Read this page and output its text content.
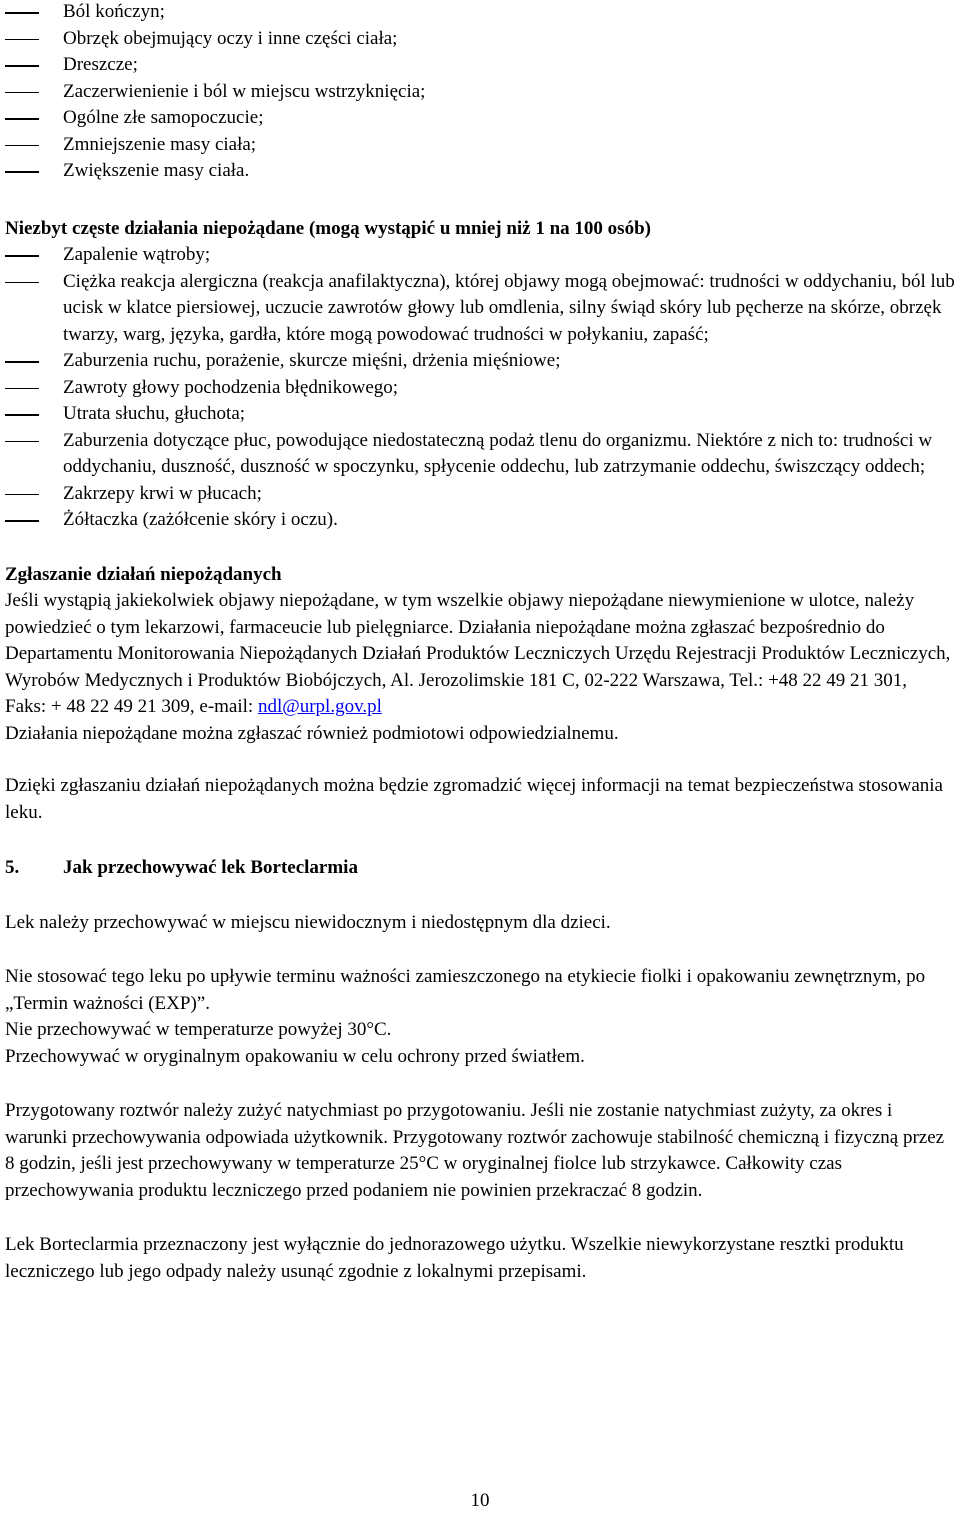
Ból kończyn;
Obrzęk obejmujący oczy i inne części ciała;
Dreszcze;
Zaczerwienienie i ból w miejscu wstrzyknięcia;
Ogólne złe samopoczucie;
Zmniejszenie masy ciała;
Zwiększenie masy ciała.
Niezbyt częste działania niepożądane (mogą wystąpić u mniej niż 1 na 100 osób)
Zapalenie wątroby;
Ciężka reakcja alergiczna (reakcja anafilaktyczna), której objawy mogą obejmować: trudności w oddychaniu, ból lub ucisk w klatce piersiowej, uczucie zawrotów głowy lub omdlenia, silny świąd skóry lub pęcherze na skórze, obrzęk twarzy, warg, języka, gardła, które mogą powodować trudności w połykaniu, zapaść;
Zaburzenia ruchu, porażenie, skurcze mięśni, drżenia mięśniowe;
Zawroty głowy pochodzenia błędnikowego;
Utrata słuchu, głuchota;
Zaburzenia dotyczące płuc, powodujące niedostateczną podaż tlenu do organizmu. Niektóre z nich to: trudności w oddychaniu, duszność, duszność w spoczynku, spłycenie oddechu, lub zatrzymanie oddechu, świszczący oddech;
Zakrzepy krwi w płucach;
Żółtaczka (zażółcenie skóry i oczu).
Zgłaszanie działań niepożądanych
Jeśli wystąpią jakiekolwiek objawy niepożądane, w tym wszelkie objawy niepożądane niewymienione w ulotce, należy powiedzieć o tym lekarzowi, farmaceucie lub pielęgniarce. Działania niepożądane można zgłaszać bezpośrednio do Departamentu Monitorowania Niepożądanych Działań Produktów Leczniczych Urzędu Rejestracji Produktów Leczniczych, Wyrobów Medycznych i Produktów Biobójczych, Al. Jerozolimskie 181 C, 02-222 Warszawa, Tel.: +48 22 49 21 301,
Faks: + 48 22 49 21 309, e-mail: ndl@urpl.gov.pl
Działania niepożądane można zgłaszać również podmiotowi odpowiedzialnemu.
Dzięki zgłaszaniu działań niepożądanych można będzie zgromadzić więcej informacji na temat bezpieczeństwa stosowania leku.
5.	Jak przechowywać lek Borteclarmia
Lek należy przechowywać w miejscu niewidocznym i niedostępnym dla dzieci.
Nie stosować tego leku po upływie terminu ważności zamieszczonego na etykiecie fiolki i opakowaniu zewnętrznym, po „Termin ważności (EXP)”.
Nie przechowywać w temperaturze powyżej 30°C.
Przechowywać w oryginalnym opakowaniu w celu ochrony przed światłem.
Przygotowany roztwór należy zużyć natychmiast po przygotowaniu. Jeśli nie zostanie natychmiast zużyty, za okres i warunki przechowywania odpowiada użytkownik. Przygotowany roztwór zachowuje stabilność chemiczną i fizyczną przez 8 godzin, jeśli jest przechowywany w temperaturze 25°C w oryginalnej fiolce lub strzykawce. Całkowity czas przechowywania produktu leczniczego przed podaniem nie powinien przekraczać 8 godzin.
Lek Borteclarmia przeznaczony jest wyłącznie do jednorazowego użytku. Wszelkie niewykorzystane resztki produktu leczniczego lub jego odpady należy usunąć zgodnie z lokalnymi przepisami.
10
